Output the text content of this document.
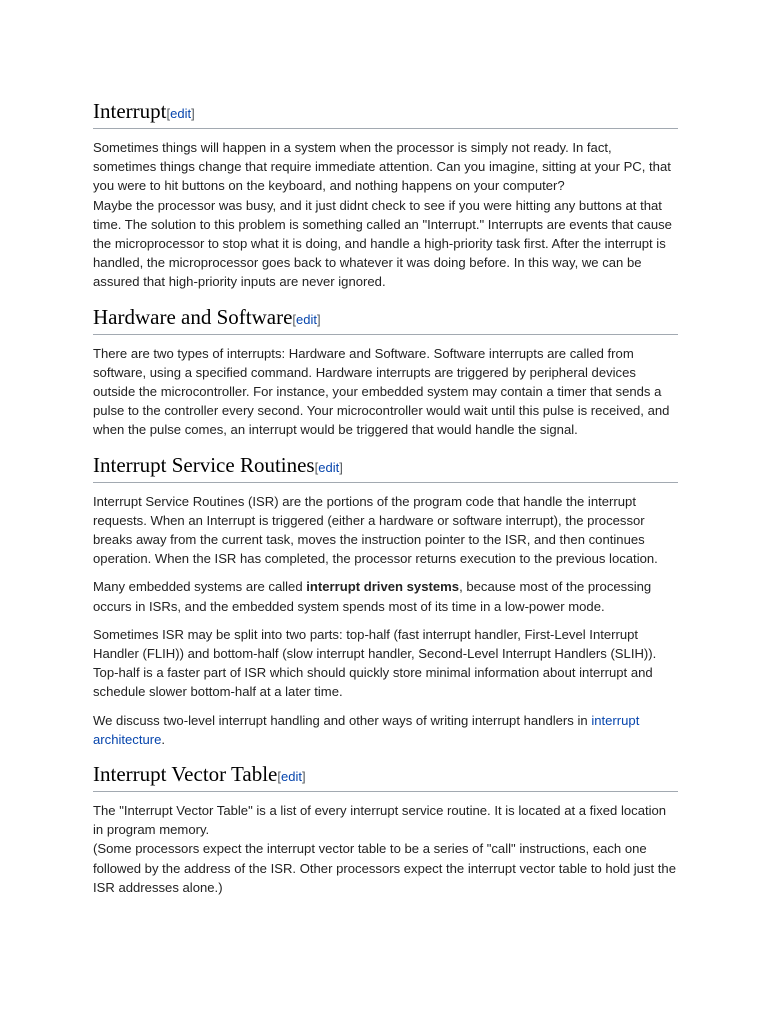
Interrupt[edit]

Sometimes things will happen in a system when the processor is simply not ready. In fact, sometimes things change that require immediate attention. Can you imagine, sitting at your PC, that you were to hit buttons on the keyboard, and nothing happens on your computer?
Maybe the processor was busy, and it just didnt check to see if you were hitting any buttons at that time. The solution to this problem is something called an "Interrupt." Interrupts are events that cause the microprocessor to stop what it is doing, and handle a high-priority task first. After the interrupt is handled, the microprocessor goes back to whatever it was doing before. In this way, we can be assured that high-priority inputs are never ignored.

Hardware and Software[edit]

There are two types of interrupts: Hardware and Software. Software interrupts are called from software, using a specified command. Hardware interrupts are triggered by peripheral devices outside the microcontroller. For instance, your embedded system may contain a timer that sends a pulse to the controller every second. Your microcontroller would wait until this pulse is received, and when the pulse comes, an interrupt would be triggered that would handle the signal.

Interrupt Service Routines[edit]

Interrupt Service Routines (ISR) are the portions of the program code that handle the interrupt requests. When an Interrupt is triggered (either a hardware or software interrupt), the processor breaks away from the current task, moves the instruction pointer to the ISR, and then continues operation. When the ISR has completed, the processor returns execution to the previous location.

Many embedded systems are called interrupt driven systems, because most of the processing occurs in ISRs, and the embedded system spends most of its time in a low-power mode.

Sometimes ISR may be split into two parts: top-half (fast interrupt handler, First-Level Interrupt Handler (FLIH)) and bottom-half (slow interrupt handler, Second-Level Interrupt Handlers (SLIH)). Top-half is a faster part of ISR which should quickly store minimal information about interrupt and schedule slower bottom-half at a later time.

We discuss two-level interrupt handling and other ways of writing interrupt handlers in interrupt architecture.

Interrupt Vector Table[edit]

The "Interrupt Vector Table" is a list of every interrupt service routine. It is located at a fixed location in program memory.
(Some processors expect the interrupt vector table to be a series of "call" instructions, each one followed by the address of the ISR. Other processors expect the interrupt vector table to hold just the ISR addresses alone.)
